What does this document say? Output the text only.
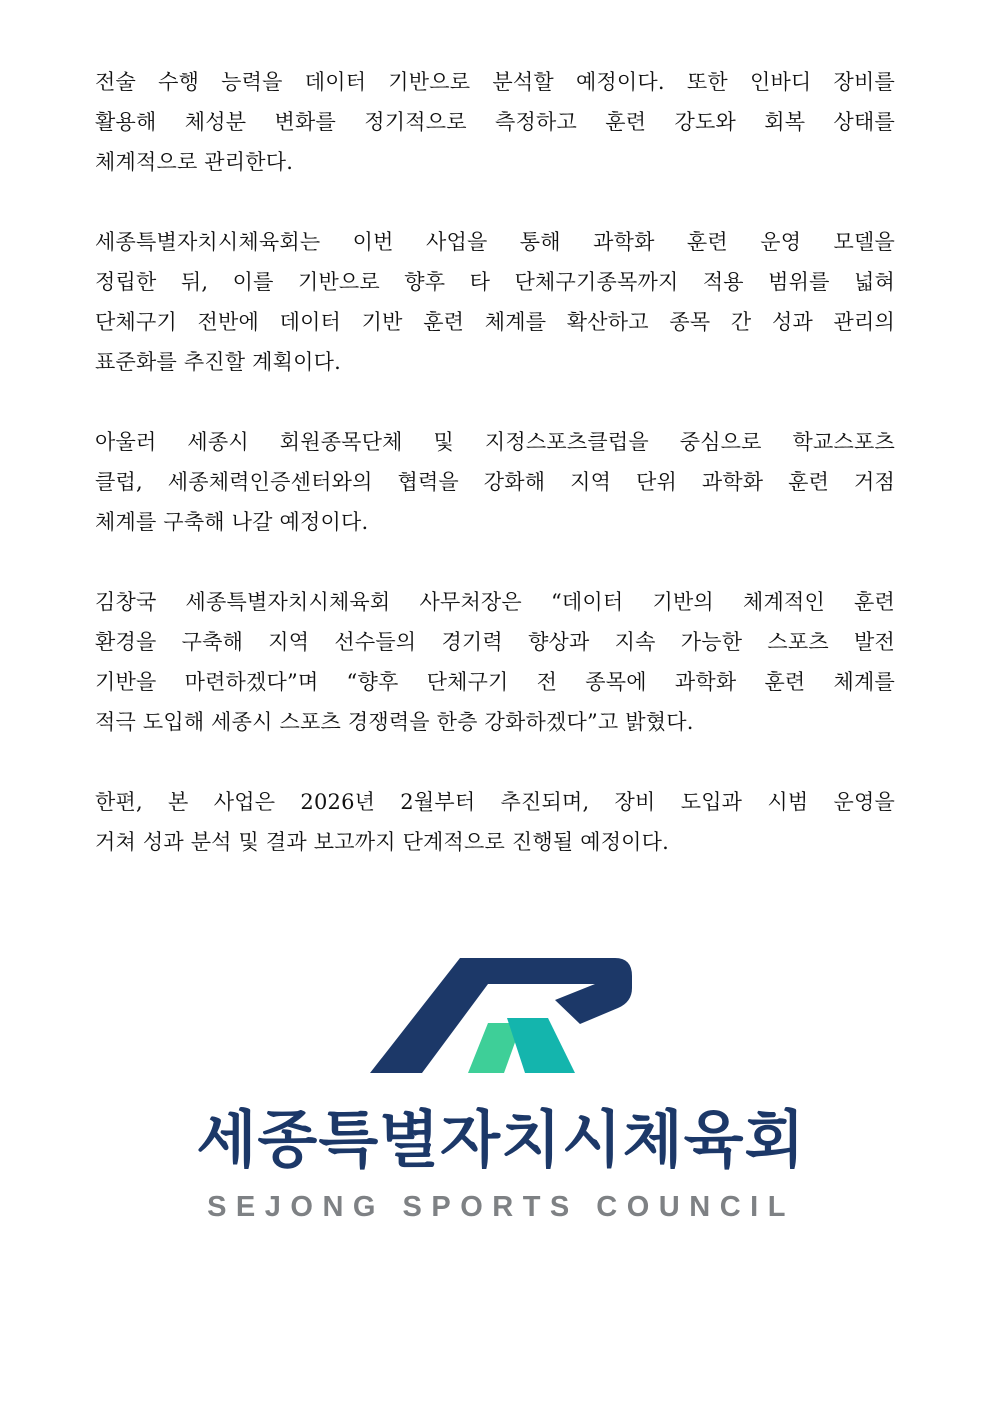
전술 수행 능력을 데이터 기반으로 분석할 예정이다. 또한 인바디 장비를
활용해 체성분 변화를 정기적으로 측정하고 훈련 강도와 회복 상태를
체계적으로 관리한다.
세종특별자치시체육회는 이번 사업을 통해 과학화 훈련 운영 모델을
정립한 뒤, 이를 기반으로 향후 타 단체구기종목까지 적용 범위를 넓혀
단체구기 전반에 데이터 기반 훈련 체계를 확산하고 종목 간 성과 관리의
표준화를 추진할 계획이다.
아울러 세종시 회원종목단체 및 지정스포츠클럽을 중심으로 학교스포츠
클럽, 세종체력인증센터와의 협력을 강화해 지역 단위 과학화 훈련 거점
체계를 구축해 나갈 예정이다.
김창국 세종특별자치시체육회 사무처장은 “데이터 기반의 체계적인 훈련
환경을 구축해 지역 선수들의 경기력 향상과 지속 가능한 스포츠 발전
기반을 마련하겠다”며 “향후 단체구기 전 종목에 과학화 훈련 체계를
적극 도입해 세종시 스포츠 경쟁력을 한층 강화하겠다”고 밝혔다.
한편, 본 사업은 2026년 2월부터 추진되며, 장비 도입과 시범 운영을
거쳐 성과 분석 및 결과 보고까지 단계적으로 진행될 예정이다.
세종특별자치시체육회
SEJONG SPORTS COUNCIL
